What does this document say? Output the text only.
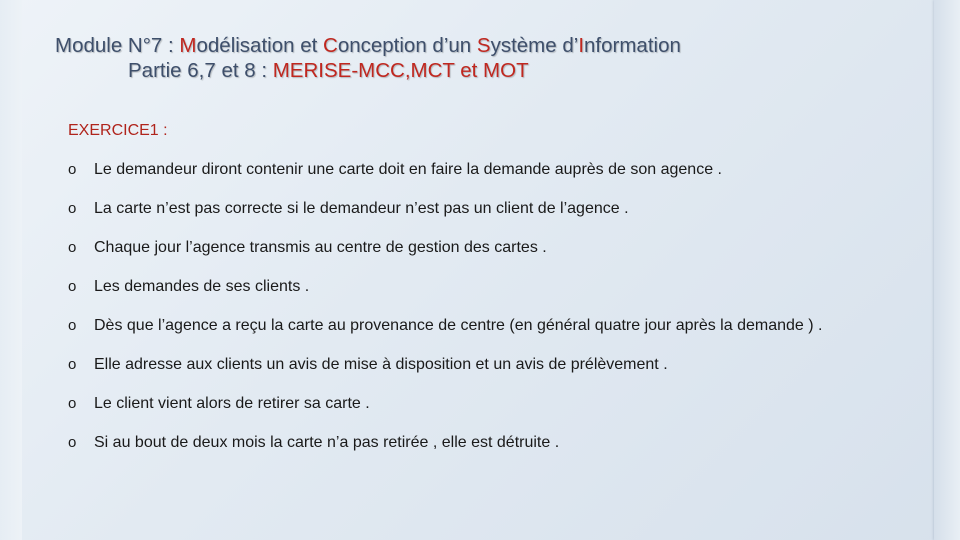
Module N°7 : Modélisation et Conception d’un Système d’Information
Partie 6,7 et 8 : MERISE-MCC,MCT et MOT
EXERCICE1 :
o Le demandeur diront contenir une carte doit en faire la demande auprès de son agence .
o La carte n’est pas correcte si le demandeur n’est pas un client de l’agence .
o Chaque jour l’agence transmis au centre de gestion des cartes .
o Les demandes de ses clients .
o Dès que l’agence a reçu la carte au provenance de centre (en général quatre jour après la demande ) .
o Elle adresse aux clients un avis de mise à disposition et un avis de prélèvement .
o Le client vient alors de retirer sa carte .
o Si au bout de deux mois la carte n’a pas retirée , elle est détruite .
